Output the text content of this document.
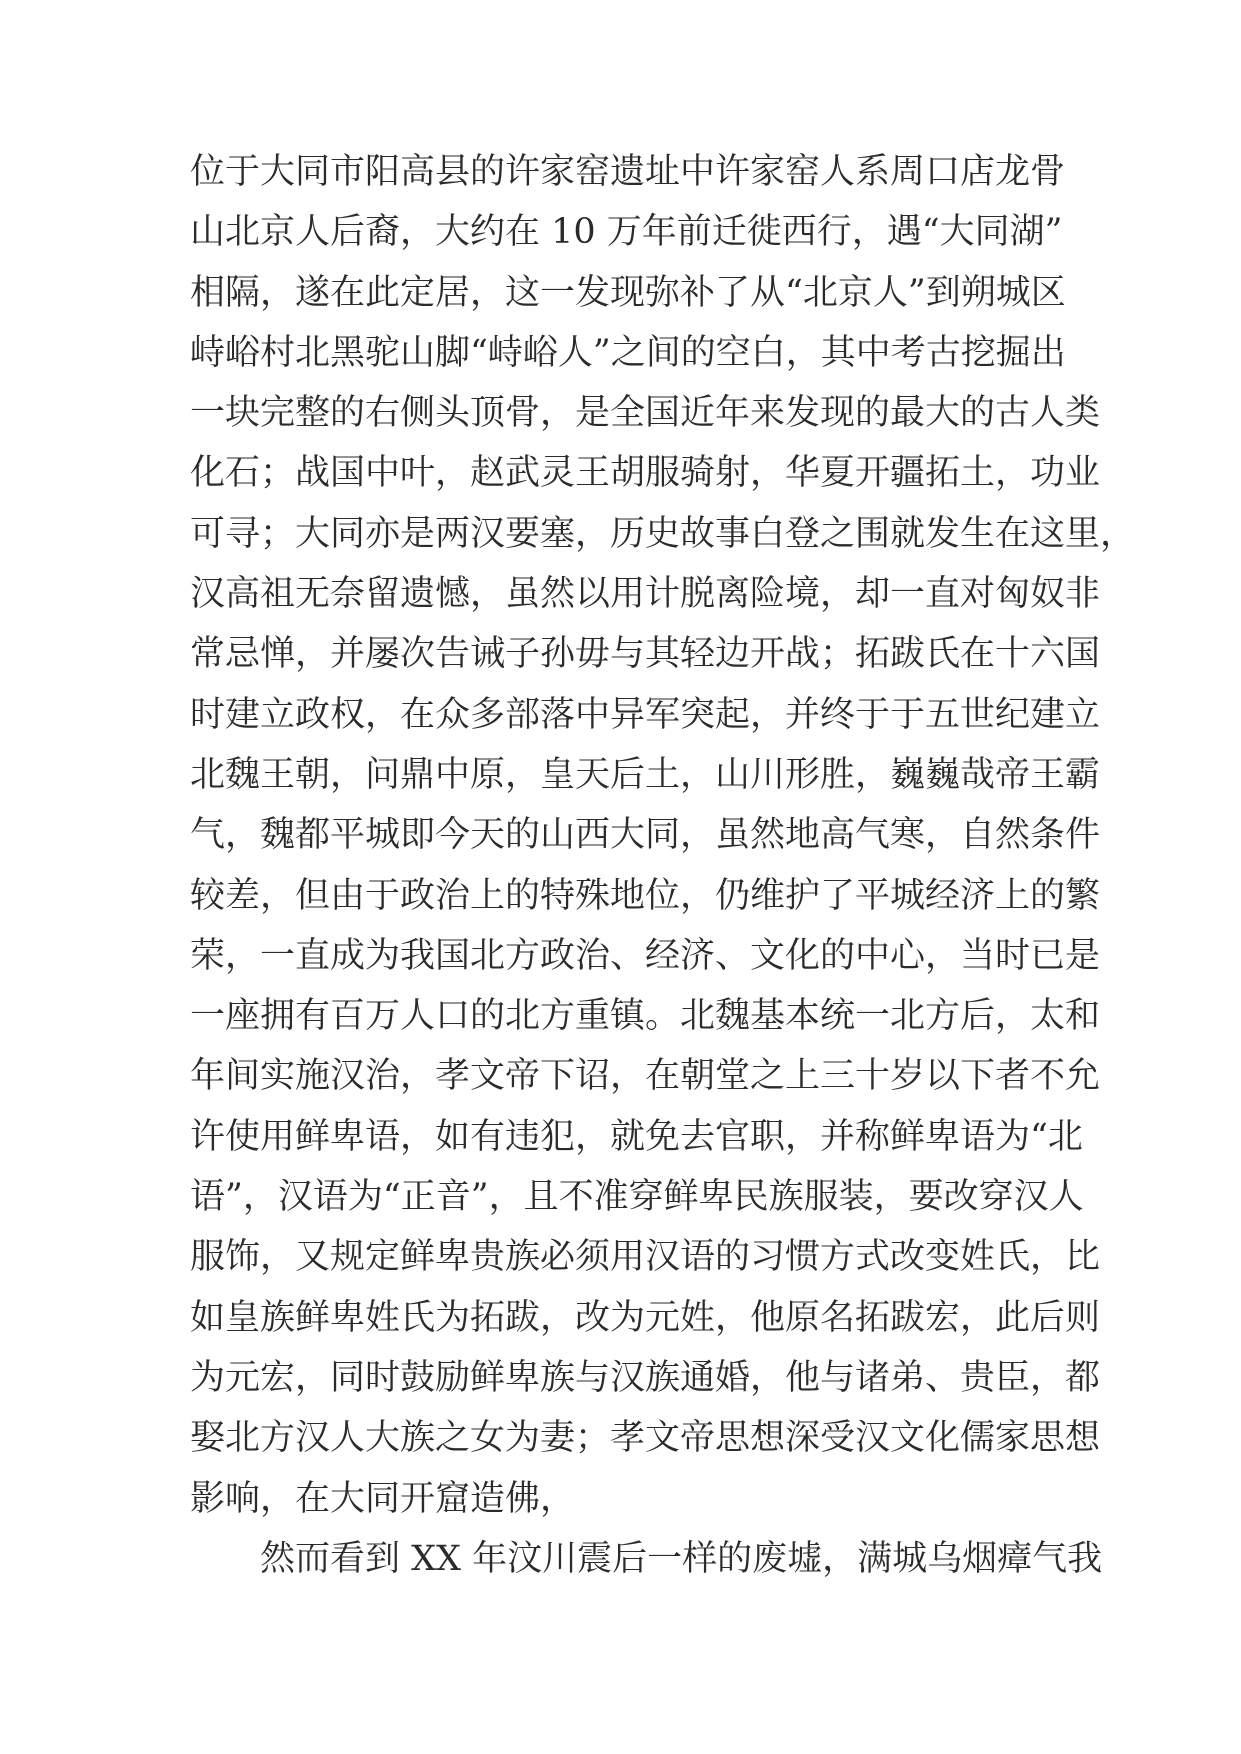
位于大同市阳高县的许家窑遗址中许家窑人系周口店龙骨
山北京人后裔，大约在 10 万年前迁徙西行，遇“大同湖”
相隔，遂在此定居，这一发现弥补了从“北京人”到朔城区
峙峪村北黑驼山脚“峙峪人”之间的空白，其中考古挖掘出
一块完整的右侧头顶骨，是全国近年来发现的最大的古人类
化石；战国中叶，赵武灵王胡服骑射，华夏开疆拓土，功业
可寻；大同亦是两汉要塞，历史故事白登之围就发生在这里，
汉高祖无奈留遗憾，虽然以用计脱离险境，却一直对匈奴非
常忌惮，并屡次告诫子孙毋与其轻边开战；拓跋氏在十六国
时建立政权，在众多部落中异军突起，并终于于五世纪建立
北魏王朝，问鼎中原，皇天后土，山川形胜，巍巍哉帝王霸
气，魏都平城即今天的山西大同，虽然地高气寒，自然条件
较差，但由于政治上的特殊地位，仍维护了平城经济上的繁
荣，一直成为我国北方政治、经济、文化的中心，当时已是
一座拥有百万人口的北方重镇。北魏基本统一北方后，太和
年间实施汉治，孝文帝下诏，在朝堂之上三十岁以下者不允
许使用鲜卑语，如有违犯，就免去官职，并称鲜卑语为“北
语”，汉语为“正音”，且不准穿鲜卑民族服装，要改穿汉人
服饰，又规定鲜卑贵族必须用汉语的习惯方式改变姓氏，比
如皇族鲜卑姓氏为拓跋，改为元姓，他原名拓跋宏，此后则
为元宏，同时鼓励鲜卑族与汉族通婚，他与诸弟、贵臣，都
娶北方汉人大族之女为妻；孝文帝思想深受汉文化儒家思想
影响，在大同开窟造佛，
然而看到 XX 年汶川震后一样的废墟，满城乌烟瘴气我
